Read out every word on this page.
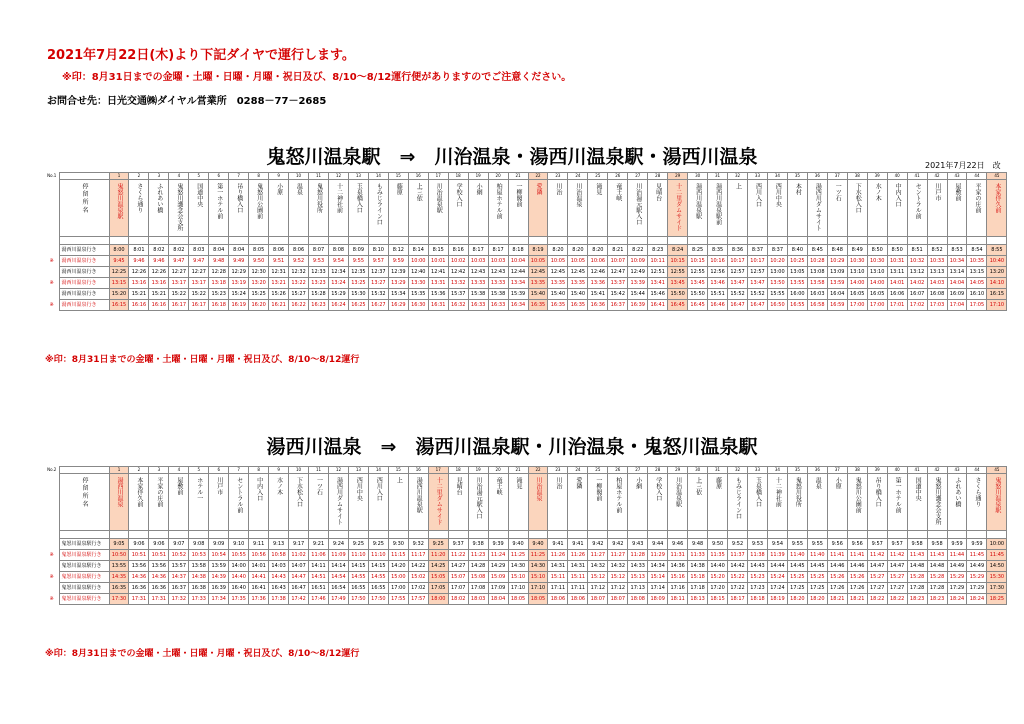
2021年7月22日(木)より下記ダイヤで運行します。
※印：8月31日までの金曜・土曜・日曜・月曜・祝日及び、8/10～8/12運行便がありますのでご注意ください。
お問合せ先：日光交通㈱ダイヤル営業所　0288－77－2685
鬼怒川温泉駅　⇒　川治温泉・湯西川温泉駅・湯西川温泉	2021年7月22日　改
No.1		1	2	3	4	5	6	7	8	9	10	11	12	13	14	15	16	17	18	19	20	21	22	23	24	25	26	27	28	29	30	31	32	33	34	35	36	37	38	39	40	41	42	43	44	45
	停 留 所 名	鬼怒川温泉駅	さくら通り	ふれあい橋	鬼怒川護念会支所	国道中央	第一ホテル前	吊り橋入口	鬼怒川公園前	小原	温泉	鬼怒川役所	十二神社前	玉泉橋入口	もみじライン口	藤原	上三依	川治温泉駅	学校入口	小網	柏屋ホテル前	一柳閣前	愛隣	川治	川治温泉	滝見	竜王峡	川治湯元駅入口	見晴台	十二里ダムサイド	湯西川温泉駅	湯西川温泉駅前	上	西川入口	西川中央	本村	湯西川ダムサイト	一ツ石	下水松入口	水ノ木	中内入口	セントラル前	川戸市	屋敷前	平家の庄前	本家伴久前

	湯西川温泉行き	8:00	8:01	8:02	8:02	8:03	8:04	8:04	8:05	8:06	8:06	8:07	8:08	8:09	8:10	8:12	8:14	8:15	8:16	8:17	8:17	8:18	8:19	8:20	8:20	8:20	8:21	8:22	8:23	8:24	8:25	8:35	8:36	8:37	8:37	8:40	8:45	8:48	8:49	8:50	8:50	8:51	8:52	8:53	8:54	8:55
※	湯西川温泉行き	9:45	9:46	9:46	9:47	9:47	9:48	9:49	9:50	9:51	9:52	9:53	9:54	9:55	9:57	9:59	10:00	10:01	10:02	10:03	10:03	10:04	10:05	10:05	10:05	10:06	10:07	10:09	10:11	10:15	10:15	10:16	10:17	10:17	10:20	10:25	10:28	10:29	10:30	10:30	10:31	10:32	10:33	10:34	10:35	10:40
	湯西川温泉行き	12:25	12:26	12:26	12:27	12:27	12:28	12:29	12:30	12:31	12:32	12:33	12:34	12:35	12:37	12:39	12:40	12:41	12:42	12:43	12:43	12:44	12:45	12:45	12:45	12:46	12:47	12:49	12:51	12:55	12:55	12:56	12:57	12:57	13:00	13:05	13:08	13:09	13:10	13:10	13:11	13:12	13:13	13:14	13:15	13:20
※	湯西川温泉行き	13:15	13:16	13:16	13:17	13:17	13:18	13:19	13:20	13:21	13:22	13:23	13:24	13:25	13:27	13:29	13:30	13:31	13:32	13:33	13:33	13:34	13:35	13:35	13:35	13:36	13:37	13:39	13:41	13:45	13:45	13:46	13:47	13:47	13:50	13:55	13:58	13:59	14:00	14:00	14:01	14:02	14:03	14:04	14:05	14:10
	湯西川温泉行き	15:20	15:21	15:21	15:22	15:22	15:23	15:24	15:25	15:26	15:27	15:28	15:29	15:30	15:32	15:34	15:35	15:36	15:37	15:38	15:38	15:39	15:40	15:40	15:40	15:41	15:42	15:44	15:46	15:50	15:50	15:51	15:52	15:52	15:55	16:00	16:03	16:04	16:05	16:05	16:06	16:07	16:08	16:09	16:10	16:15
※	湯西川温泉行き	16:15	16:16	16:16	16:17	16:17	16:18	16:19	16:20	16:21	16:22	16:23	16:24	16:25	16:27	16:29	16:30	16:31	16:32	16:33	16:33	16:34	16:35	16:35	16:35	16:36	16:37	16:39	16:41	16:45	16:45	16:46	16:47	16:47	16:50	16:55	16:58	16:59	17:00	17:00	17:01	17:02	17:03	17:04	17:05	17:10
※印：8月31日までの金曜・土曜・日曜・月曜・祝日及び、8/10～8/12運行
湯西川温泉　⇒　湯西川温泉駅・川治温泉・鬼怒川温泉駅
No.2		1	2	3	4	5	6	7	8	9	10	11	12	13	14	15	16	17	18	19	20	21	22	23	24	25	26	27	28	29	30	31	32	33	34	35	36	37	38	39	40	41	42	43	44	45
	停 留 所 名	湯西川温泉	本家伴久前	平家の庄前	屋敷前	ホテル一	川戸市	セントラル前	中内入口	水ノ木	下水松入口	一ツ石	湯西川ダムサイト	西川中央	西川入口	上	湯西川温泉駅	十二里ダムサイド	見晴台	川治湯元駅入口	竜王峡	滝見	川治温泉	川治	愛隣	一柳閣前	柏屋ホテル前	小網	学校入口	川治温泉駅	上三依	藤原	もみじライン口	玉泉橋入口	十二神社前	鬼怒川役所	温泉	小原	鬼怒川公園前	吊り橋入口	第一ホテル前	国道中央	鬼怒川護念会支所	ふれあい橋	さくら通り	鬼怒川温泉駅

	鬼怒川温泉駅行き	9:05	9:06	9:06	9:07	9:08	9:09	9:10	9:11	9:13	9:17	9:21	9:24	9:25	9:25	9:30	9:32	9:25	9:37	9:38	9:39	9:40	9:40	9:41	9:41	9:42	9:42	9:43	9:44	9:46	9:48	9:50	9:52	9:53	9:54	9:55	9:55	9:56	9:56	9:57	9:57	9:58	9:58	9:59	9:59	10:00
※	鬼怒川温泉駅行き	10:50	10:51	10:51	10:52	10:53	10:54	10:55	10:56	10:58	11:02	11:06	11:09	11:10	11:10	11:15	11:17	11:20	11:22	11:23	11:24	11:25	11:25	11:26	11:26	11:27	11:27	11:28	11:29	11:31	11:33	11:35	11:37	11:38	11:39	11:40	11:40	11:41	11:41	11:42	11:42	11:43	11:43	11:44	11:45	11:45
	鬼怒川温泉駅行き	13:55	13:56	13:56	13:57	13:58	13:59	14:00	14:01	14:03	14:07	14:11	14:14	14:15	14:15	14:20	14:22	14:25	14:27	14:28	14:29	14:30	14:30	14:31	14:31	14:32	14:32	14:33	14:34	14:36	14:38	14:40	14:42	14:43	14:44	14:45	14:45	14:46	14:46	14:47	14:47	14:48	14:48	14:49	14:49	14:50
※	鬼怒川温泉駅行き	14:35	14:36	14:36	14:37	14:38	14:39	14:40	14:41	14:43	14:47	14:51	14:54	14:55	14:55	15:00	15:02	15:05	15:07	15:08	15:09	15:10	15:10	15:11	15:11	15:12	15:12	15:13	15:14	15:16	15:18	15:20	15:22	15:23	15:24	15:25	15:25	15:26	15:26	15:27	15:27	15:28	15:28	15:29	15:29	15:30
	鬼怒川温泉駅行き	16:35	16:36	16:36	16:37	16:38	16:39	16:40	16:41	16:43	16:47	16:51	16:54	16:55	16:55	17:00	17:02	17:05	17:07	17:08	17:09	17:10	17:10	17:11	17:11	17:12	17:12	17:13	17:14	17:16	17:18	17:20	17:22	17:23	17:24	17:25	17:25	17:26	17:26	17:27	17:27	17:28	17:28	17:29	17:29	17:30
※	鬼怒川温泉駅行き	17:30	17:31	17:31	17:32	17:33	17:34	17:35	17:36	17:38	17:42	17:46	17:49	17:50	17:50	17:55	17:57	18:00	18:02	18:03	18:04	18:05	18:05	18:06	18:06	18:07	18:07	18:08	18:09	18:11	18:13	18:15	18:17	18:18	18:19	18:20	18:20	18:21	18:21	18:22	18:22	18:23	18:23	18:24	18:24	18:25
※印：8月31日までの金曜・土曜・日曜・月曜・祝日及び、8/10～8/12運行
